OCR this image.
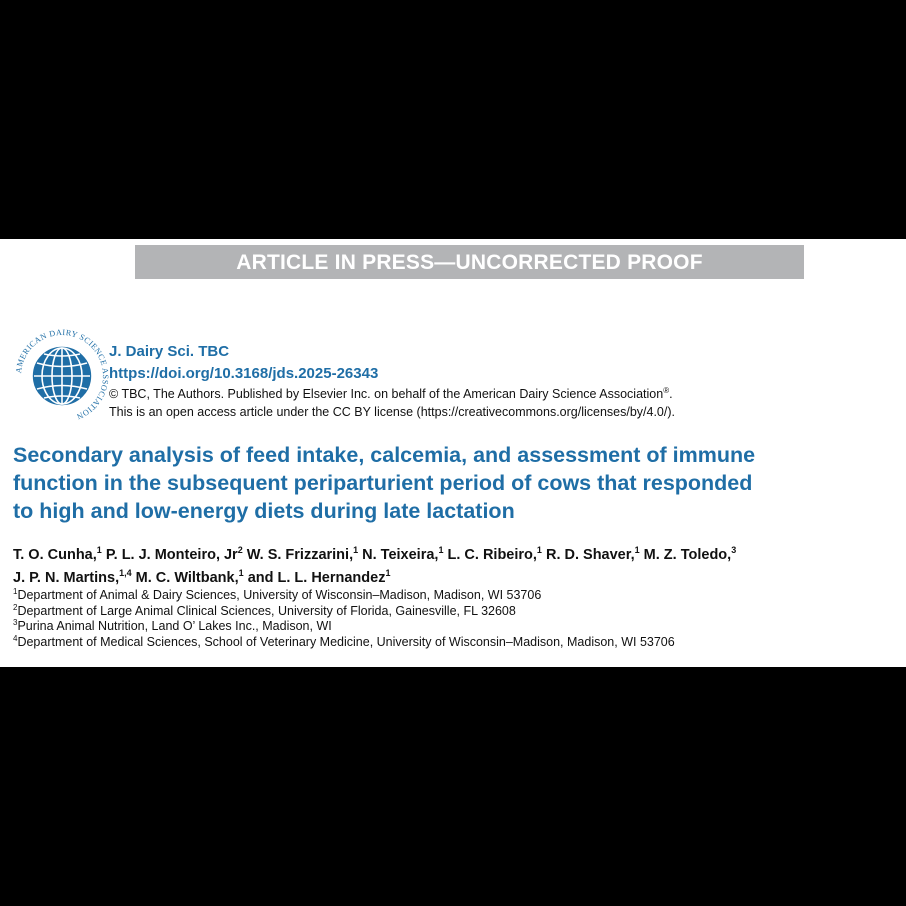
ARTICLE IN PRESS—UNCORRECTED PROOF
AMERICAN DAIRY SCIENCE ASSOCIATION
J. Dairy Sci. TBC
https://doi.org/10.3168/jds.2025-26343
© TBC, The Authors. Published by Elsevier Inc. on behalf of the American Dairy Science Association®.
This is an open access article under the CC BY license (https://creativecommons.org/licenses/by/4.0/).
Secondary analysis of feed intake, calcemia, and assessment of immune
function in the subsequent periparturient period of cows that responded
to high and low-energy diets during late lactation
T. O. Cunha,$^1$ P. L. J. Monteiro, Jr$^2$ W. S. Frizzarini,$^1$ N. Teixeira,$^1$ L. C. Ribeiro,$^1$ R. D. Shaver,$^1$ M. Z. Toledo,$^3$
J. P. N. Martins,$^{1,4}$ M. C. Wiltbank,$^1$ and L. L. Hernandez$^1$
$^1$Department of Animal & Dairy Sciences, University of Wisconsin–Madison, Madison, WI 53706
$^2$Department of Large Animal Clinical Sciences, University of Florida, Gainesville, FL 32608
$^3$Purina Animal Nutrition, Land O’ Lakes Inc., Madison, WI
$^4$Department of Medical Sciences, School of Veterinary Medicine, University of Wisconsin–Madison, Madison, WI 53706
